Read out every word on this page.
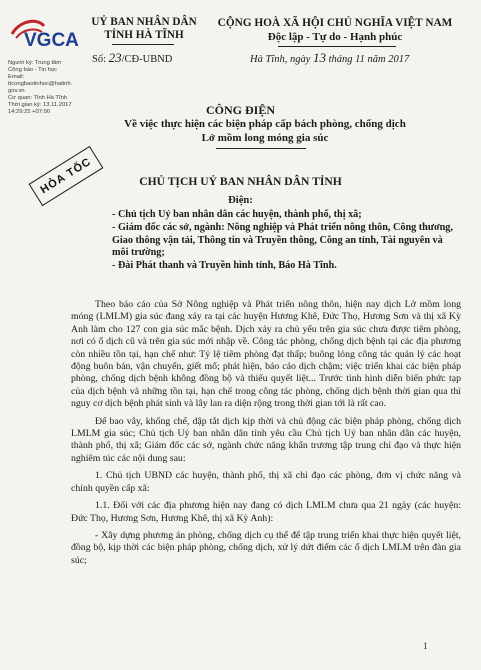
VGCA
Người ký: Trung tâm
Công báo - Tin học
Email:
ttcongbaotinhoc@hatinh.
gov.vn
Cơ quan: Tỉnh Hà Tĩnh
Thời gian ký: 13.11.2017
14:29:25 +07:00
UỶ BAN NHÂN DÂN
TỈNH HÀ TĨNH
Số: 23/CĐ-UBND
CỘNG HOÀ XÃ HỘI CHỦ NGHĨA VIỆT NAM
Độc lập - Tự do - Hạnh phúc
Hà Tĩnh, ngày 13 tháng 11 năm 2017
CÔNG ĐIỆN
Về việc thực hiện các biện pháp cấp bách phòng, chống dịch Lở mồm long móng gia súc
HỎA TỐC	CHỦ TỊCH UỶ BAN NHÂN DÂN TỈNH
Điện:

- Chủ tịch Uỷ ban nhân dân các huyện, thành phố, thị xã;

- Giám đốc các sở, ngành: Nông nghiệp và Phát triển nông thôn, Công thương, Giao thông vận tải, Thông tin và Truyền thông, Công an tỉnh, Tài nguyên và môi trường;

- Đài Phát thanh và Truyền hình tỉnh, Báo Hà Tĩnh.

Theo báo cáo của Sở Nông nghiệp và Phát triển nông thôn, hiện nay dịch Lở mồm long móng (LMLM) gia súc đang xảy ra tại các huyện Hương Khê, Đức Thọ, Hương Sơn và thị xã Kỳ Anh làm cho 127 con gia súc mắc bệnh. Dịch xảy ra chủ yếu trên gia súc chưa được tiêm phòng, nơi có ổ dịch cũ và trên gia súc mới nhập về. Công tác phòng, chống dịch bệnh tại các địa phương còn nhiều tồn tại, hạn chế như: Tỷ lệ tiêm phòng đạt thấp; buông lỏng công tác quản lý các hoạt động buôn bán, vận chuyển, giết mổ; phát hiện, báo cáo dịch chậm; việc triển khai các biện pháp phòng, chống dịch bệnh không đồng bộ và thiếu quyết liệt... Trước tình hình diễn biến phức tạp của dịch bệnh và những tồn tại, hạn chế trong công tác phòng, chống dịch bệnh thời gian qua thì nguy cơ dịch bệnh phát sinh và lây lan ra diện rộng trong thời gian tới là rất cao.

Để bao vây, khống chế, dập tắt dịch kịp thời và chủ động các biện pháp phòng, chống dịch LMLM gia súc; Chủ tịch Uỷ ban nhân dân tỉnh yêu cầu Chủ tịch Uỷ ban nhân dân các huyện, thành phố, thị xã; Giám đốc các sở, ngành chức năng khẩn trương tập trung chỉ đạo và thực hiện nghiêm túc các nội dung sau:

1. Chủ tịch UBND các huyện, thành phố, thị xã chỉ đạo các phòng, đơn vị chức năng và chính quyền cấp xã:

1.1. Đối với các địa phương hiện nay đang có dịch LMLM chưa qua 21 ngày (các huyện: Đức Thọ, Hương Sơn, Hương Khê, thị xã Kỳ Anh):

- Xây dựng phương án phòng, chống dịch cụ thể để tập trung triển khai thực hiện quyết liệt, đồng bộ, kịp thời các biện pháp phòng, chống dịch, xử lý dứt điểm các ổ dịch LMLM trên đàn gia súc;

1
